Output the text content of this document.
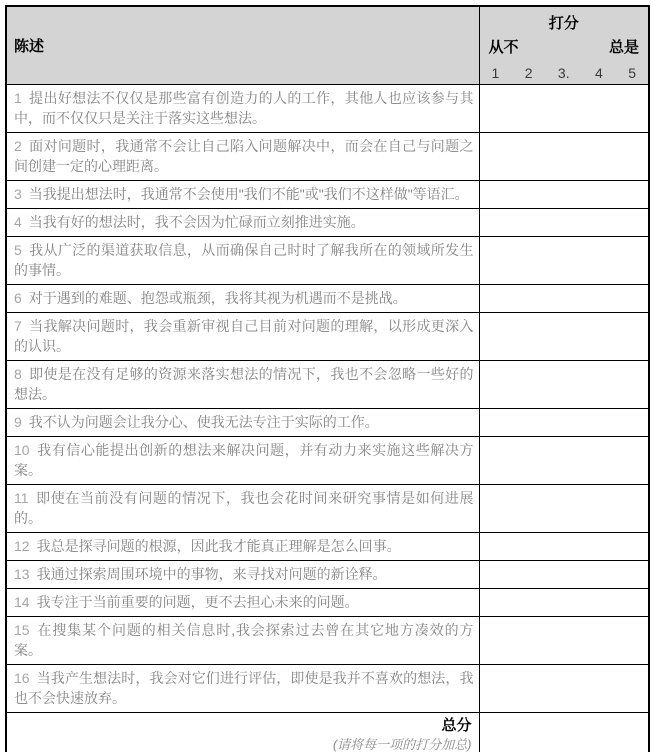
陈述	
打分
从不	总是
1 2 3. 4 5

1 提出好想法不仅仅是那些富有创造力的人的工作，其他人也应该参与其中，而不仅仅只是关注于落实这些想法。	
2 面对问题时，我通常不会让自己陷入问题解决中，而会在自己与问题之间创建一定的心理距离。	
3 当我提出想法时，我通常不会使用"我们不能"或"我们不这样做"等语汇。	
4 当我有好的想法时，我不会因为忙碌而立刻推进实施。	
5 我从广泛的渠道获取信息，从而确保自己时时了解我所在的领域所发生的事情。	
6 对于遇到的难题、抱怨或瓶颈，我将其视为机遇而不是挑战。	
7 当我解决问题时，我会重新审视自己目前对问题的理解，以形成更深入的认识。	
8 即使是在没有足够的资源来落实想法的情况下，我也不会忽略一些好的想法。	
9 我不认为问题会让我分心、使我无法专注于实际的工作。	
10 我有信心能提出创新的想法来解决问题，并有动力来实施这些解决方案。	
11 即使在当前没有问题的情况下，我也会花时间来研究事情是如何进展的。	
12 我总是探寻问题的根源，因此我才能真正理解是怎么回事。	
13 我通过探索周围环境中的事物，来寻找对问题的新诠释。	
14 我专注于当前重要的问题，更不去担心未来的问题。	
15 在搜集某个问题的相关信息时,我会探索过去曾在其它地方凑效的方案。	
16 当我产生想法时，我会对它们进行评估，即使是我并不喜欢的想法，我也不会快速放弃。	

总分
(请将每一项的打分加总)	
